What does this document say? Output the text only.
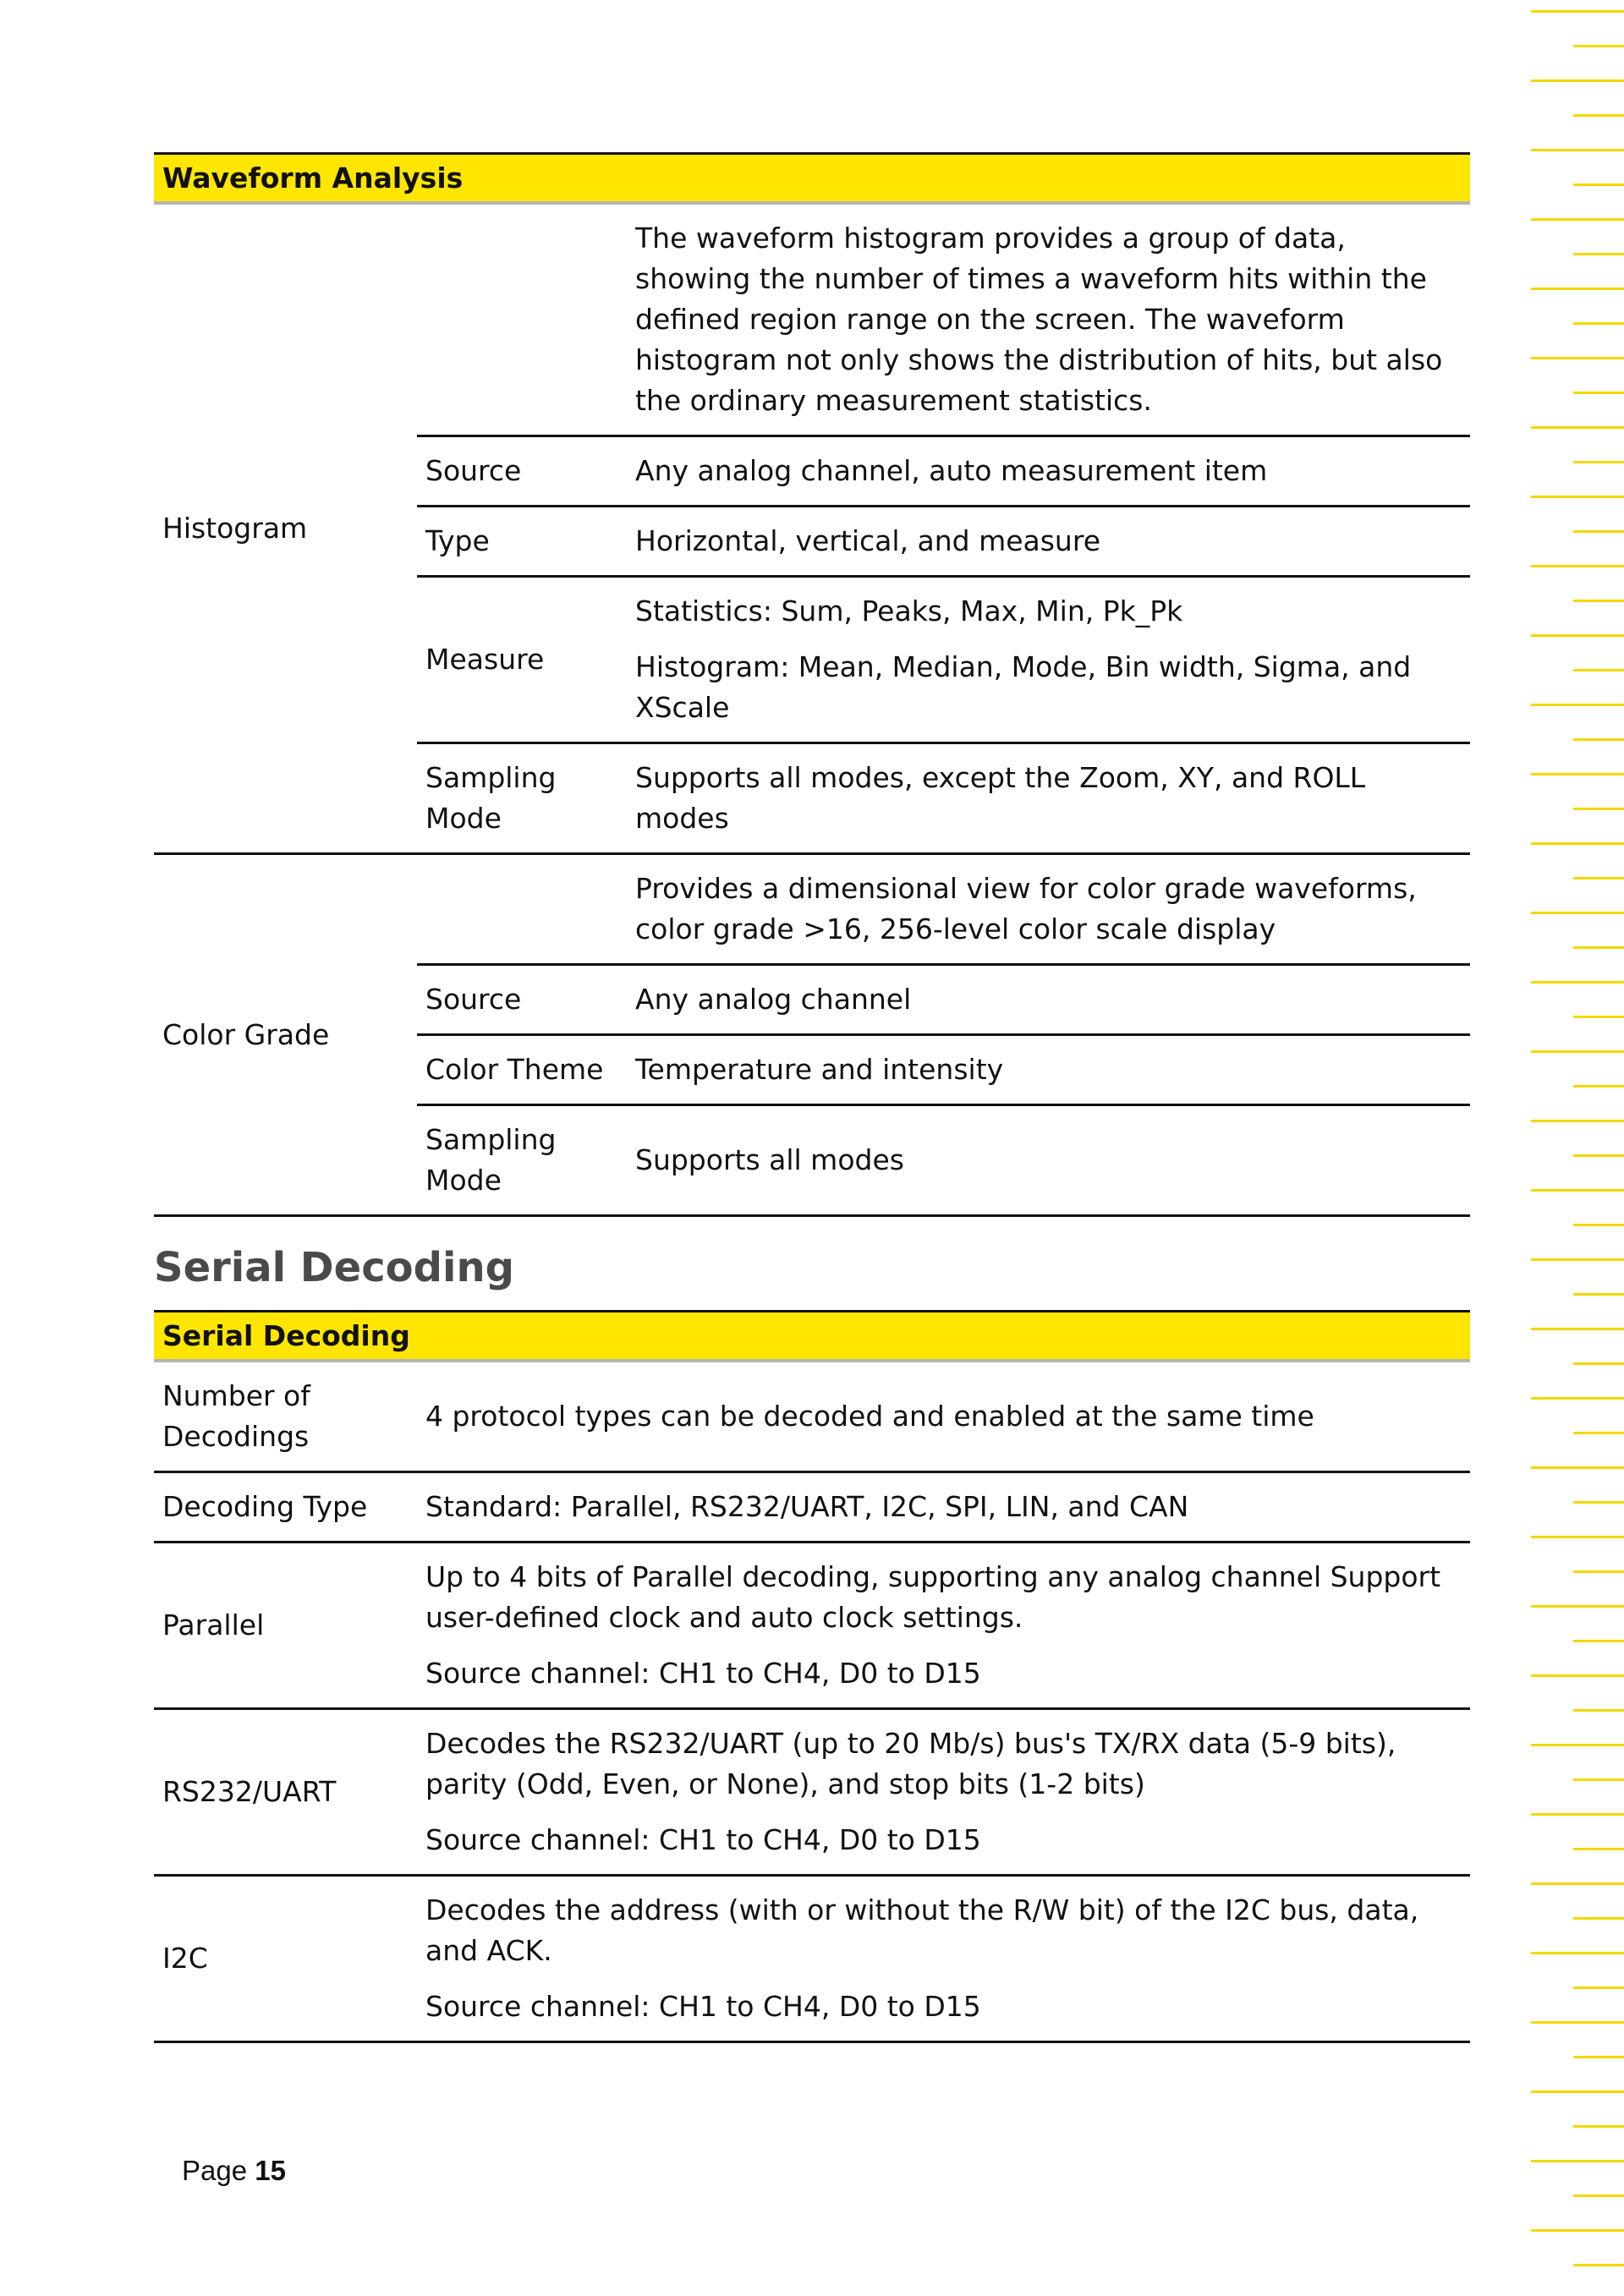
Waveform Analysis		
Histogram		The waveform histogram provides a group of data, showing the number of times a waveform hits within the defined region range on the screen. The waveform histogram not only shows the distribution of hits, but also the ordinary measurement statistics.
	Source	Any analog channel, auto measurement item
	Type	Horizontal, vertical, and measure
	Measure	Statistics: Sum, Peaks, Max, Min, Pk_Pk
Histogram: Mean, Median, Mode, Bin width, Sigma, and XScale

	Sampling Mode	Supports all modes, except the Zoom, XY, and ROLL modes
Color Grade		Provides a dimensional view for color grade waveforms, color grade >16, 256-level color scale display
	Source	Any analog channel
	Color Theme	Temperature and intensity
	Sampling Mode	Supports all modes
Serial Decoding
Serial Decoding	
Number of Decodings	4 protocol types can be decoded and enabled at the same time
Decoding Type	Standard: Parallel, RS232/UART, I2C, SPI, LIN, and CAN
Parallel	Up to 4 bits of Parallel decoding, supporting any analog channel Support user-defined clock and auto clock settings.
Source channel: CH1 to CH4, D0 to D15

RS232/UART	Decodes the RS232/UART (up to 20 Mb/s) bus's TX/RX data (5-9 bits), parity (Odd, Even, or None), and stop bits (1-2 bits)
Source channel: CH1 to CH4, D0 to D15

I2C	Decodes the address (with or without the R/W bit) of the I2C bus, data, and ACK.
Source channel: CH1 to CH4, D0 to D15
Page 15
